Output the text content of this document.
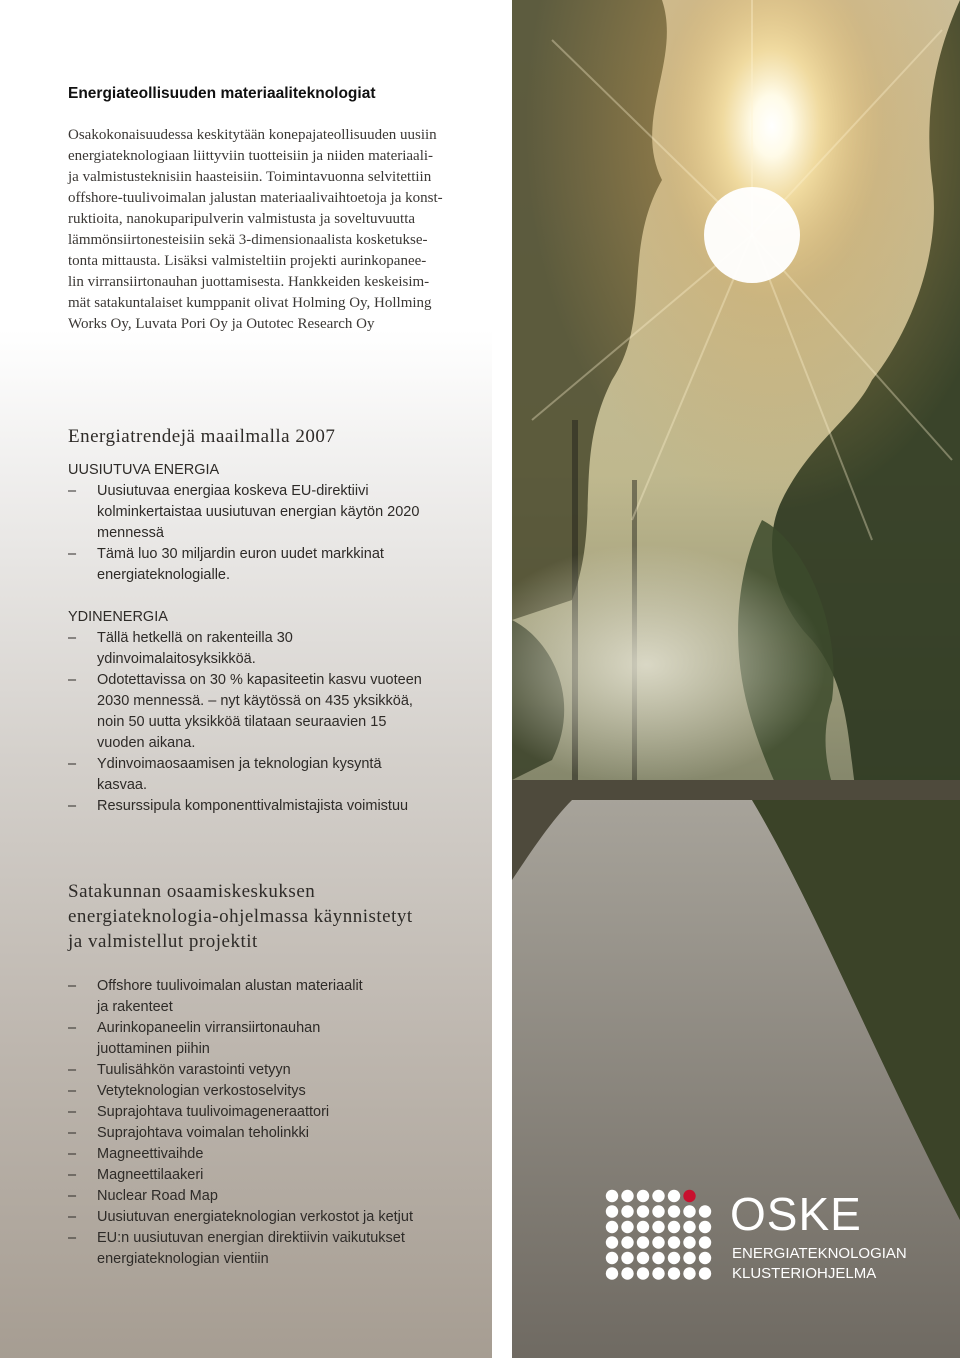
Energiateollisuuden materiaaliteknologiat

Osakokonaisuudessa keskitytään konepajateollisuuden uusiin

energiateknologiaan liittyviin tuotteisiin ja niiden materiaali-

ja valmistusteknisiin haasteisiin. Toimintavuonna selvitettiin

offshore-tuulivoimalan jalustan materiaalivaihtoetoja ja konst-

ruktioita, nanokuparipulverin valmistusta ja soveltuvuutta

lämmönsiirtonesteisiin sekä 3-dimensionaalista kosketukse-

tonta mittausta. Lisäksi valmisteltiin projekti aurinkopanee-

lin virransiirtonauhan juottamisesta. Hankkeiden keskeisim-

mät satakuntalaiset kumppanit olivat Holming Oy, Hollming

Works Oy, Luvata Pori Oy ja Outotec Research Oy

Energiatrendejä maailmalla 2007
UUSIUTUVA ENERGIA
– Uusiutuvaa energiaa koskeva EU-direktiivi
kolminkertaistaa uusiutuvan energian käytön 2020
mennessä
– Tämä luo 30 miljardin euron uudet markkinat
energiateknologialle.
YDINENERGIA
– Tällä hetkellä on rakenteilla 30
ydinvoimalaitosyksikköä.
– Odotettavissa on 30 % kapasiteetin kasvu vuoteen
2030 mennessä. – nyt käytössä on 435 yksikköä,
noin 50 uutta yksikköä tilataan seuraavien 15
vuoden aikana.
– Ydinvoimaosaamisen ja teknologian kysyntä
kasvaa.
– Resurssipula komponenttivalmistajista voimistuu
Satakunnan osaamiskeskuksen
energiateknologia-ohjelmassa käynnistetyt
ja valmistellut projektit
– Offshore tuulivoimalan alustan materiaalit
ja rakenteet
– Aurinkopaneelin virransiirtonauhan
juottaminen piihin
– Tuulisähkön varastointi vetyyn
– Vetyteknologian verkostoselvitys
– Suprajohtava tuulivoimageneraattori
– Suprajohtava voimalan teholinkki
– Magneettivaihde
– Magneettilaakeri
– Nuclear Road Map
– Uusiutuvan energiateknologian verkostot ja ketjut
– EU:n uusiutuvan energian direktiivin vaikutukset
energiateknologian vientiin
OSKE
ENERGIATEKNOLOGIAN
KLUSTERIOHJELMA
